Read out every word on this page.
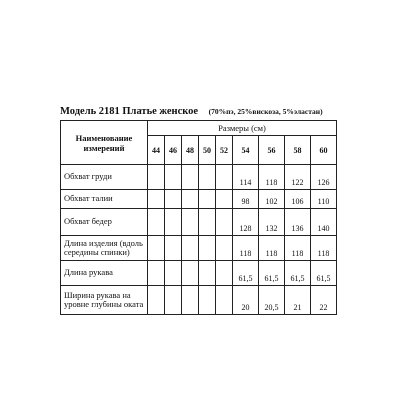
Модель 2181 Платье женское (70%пэ, 25%вискоза, 5%эластан)
Наименование измерений	Размеры (см)								
	44	46	48	50	52	54	56	58	60
Обхват груди						114	118	122	126
Обхват талии						98	102	106	110
Обхват бедер						128	132	136	140
Длина изделия (вдоль середины спинки)						118	118	118	118
Длина рукава						61,5	61,5	61,5	61,5
Ширина рукава на уровне глубины оката						20	20,5	21	22
